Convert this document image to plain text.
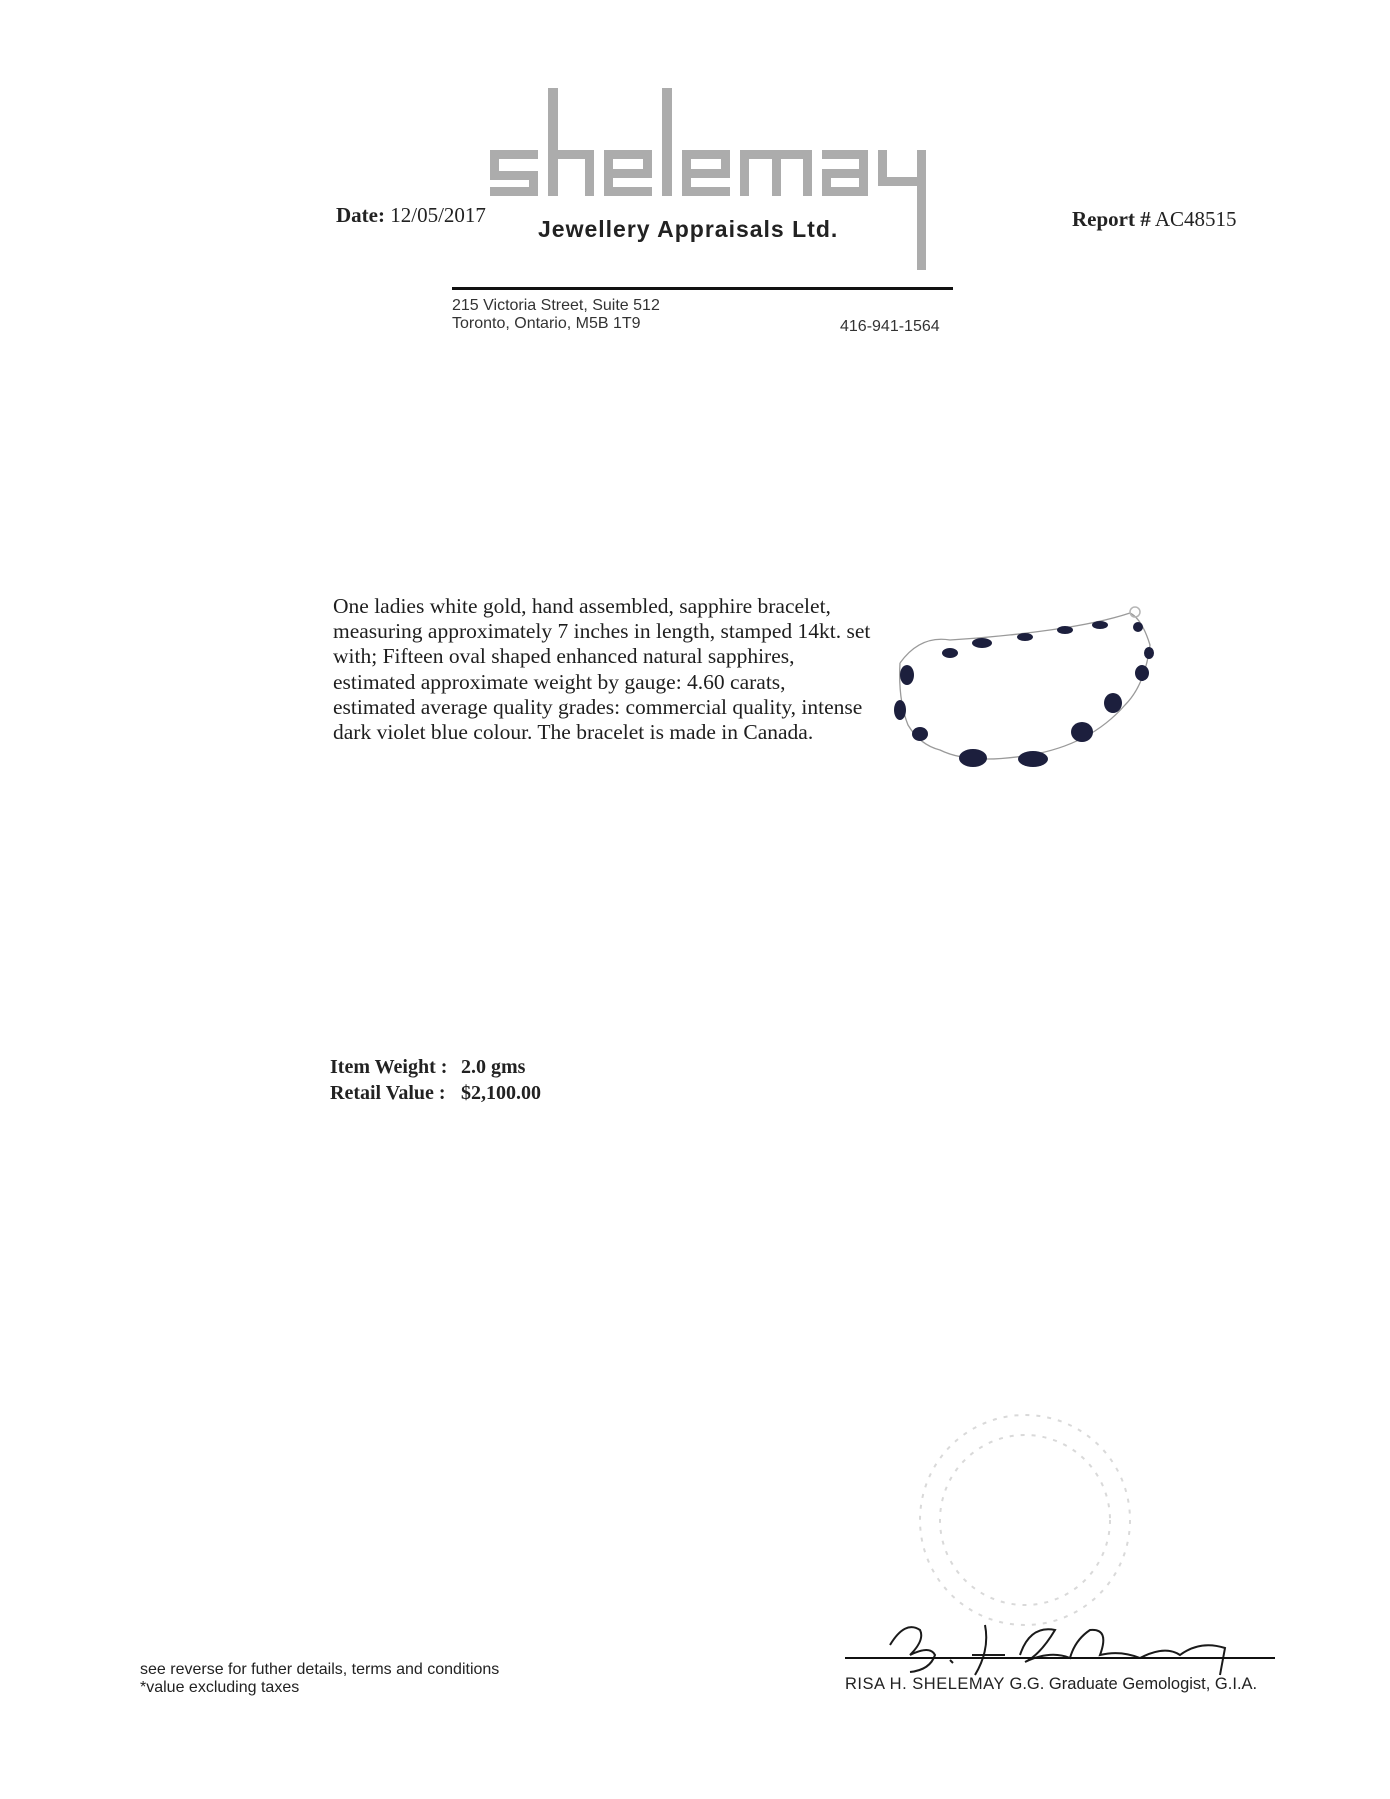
Date: 12/05/2017
Jewellery Appraisals Ltd.	Report # AC48515
215 Victoria Street, Suite 512
Toronto, Ontario, M5B 1T9	416-941-1564
One ladies white gold, hand assembled, sapphire bracelet, measuring approximately 7 inches in length, stamped 14kt. set with; Fifteen oval shaped enhanced natural sapphires, estimated approximate weight by gauge: 4.60 carats, estimated average quality grades: commercial quality, intense dark violet blue colour. The bracelet is made in Canada.
Item Weight : 2.0 gms
Retail Value : $2,100.00
RISA H. SHELEMAY G.G. Graduate Gemologist, G.I.A.
see reverse for futher details, terms and conditions
*value excluding taxes
